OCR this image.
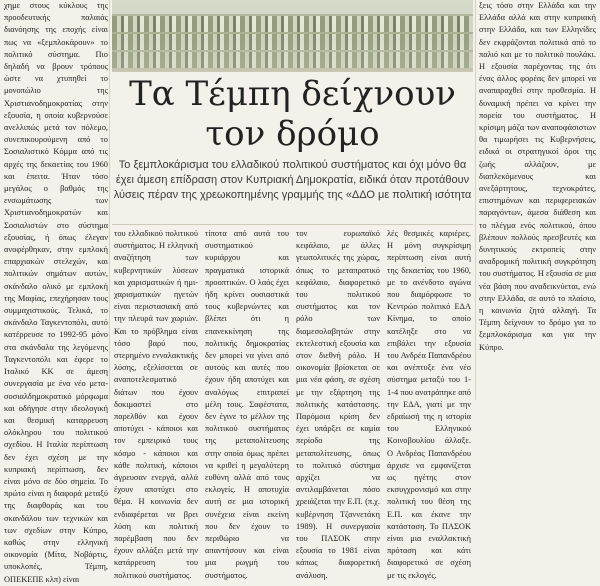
χημε στους κύκλους της προοδευτικής παλαιάς διανόησης της εποχής είναι πως να «ξεμπλοκάρουν» το πολιτικό σύστημα. Πιο δηλαδή να βρουν τρόπους ώστε να χτυπηθεί το μονοπώλιο της Χριστιανοδημοκρατίας στην εξουσία, η οποία κυβερνούσε ανελλιπώς μετά τον πόλεμο, συνεπικουρούμενη από το Σοσιαλιστικό Κόμμα από τις αρχές της δεκαετίας του 1960 και έπειτα. Ήταν τόσο μεγάλος ο βαθμός της ενσωμάτωσης των Χριστιανοδημοκρατών και Σοσιαλιστών στο σύστημα εξουσίας, ή όπως έλεγαν ανοφέρθηκαν, στην εμπλοκή επαρχιακών στελεχών, και πολιτικών σημάτων αυτών, σκάνδαλο ολικό με εμπλοκή της Μαφίας, επεχήρησαν τους συμμαχιστικούς. Τελικά, το σκάνδαλο Ταγκεντοπόλι, αυτό κατέρρευσε το 1992-95 μόνο στα σκάνδαλα της λεγόμενης Ταγκεντοπόλι και έφερε το Ιταλικό ΚΚ σε άμεση συνεργασία με ένα νέο μετα-σοσιαλδημοκρατικό μόρφωμα και οδήγησε στην ιδεολογική και θεσμική καταρρευση ολόκληρου του πολιτικού σχεδίου. Η Ιταλία περίπτωση δεν έχει σχέση με την κυπριακή περίπτωση, δεν είναι μόνο σε δύο σημεία. Το πρώτο είναι η διαφορά μεταξύ της διαφθοράς και του σκανδάλου των τεχνικών και των σχεδίων στην Κύπρο, καθώς στην ελληνική οικονομία (Μίτα, Νοβάρτις, υποκλοπές, Τέμπη, ΟΠΕΚΕΠΕ κλπ) είναι
Τα Τέμπη δείχνουν
τον δρόμο
Το ξεμπλοκάρισμα του ελλαδικού πολιτικού συστήματος και όχι μόνο θα έχει άμεση επίδραση στον Κυπριακή Δημοκρατία, ειδικά όταν προτάθουν λύσεις πέραν της χρεωκοπημένης γραμμής της «ΔΔΟ με πολιτική ισότητα
του ελλαδικού πολιτικού συστήματος. Η ελληνική αναζήτηση των κυβερνητικών λύσεων και χαρισματικών ή ημι-χαρισματικών ηγετών είναι περιστασιακή από την πλευρά των χωριών. Και το πρόβλημα είναι τόσο βαρύ που, στερημένο ενναλακτικής λύσης, εξελίσσεται σε αναποτελεσματικό διάτων που έχουν δοκιμαστεί στο παρελθόν και έχουν αποτύχει - κάποιοι και τον εμπειρικό τους κόσμο - κάποιοι και κάθε πολιτική, κάποιοι άγρευσαν ενεργά, αλλά έχουν αποτύχει στο θέμα. Η κοινωνία δεν ενδιαφέρεται να βρει λύση και πολιτική παρέμβαση που δεν έχουν αλλάξει μετά την κατάρρευση του πολιτικού συστήματος.
τίποτα από αυτά του συστηματικού κυριάρχου και πραγματικά ιστορικά προοπτικών. Ο λαός έχει ήδη κρίνει ουσιαστικά τους κυβερνώντες και βλέπει ότι η επανεκκίνηση της πολιτικής δημοκρατίας δεν μπορεί να γίνει από αυτούς και αυτές που έχουν ήδη αποτύχει και αναλόγως επιτραπεί μέλη τους. Σαφέστατα, δεν έγινε το μέλλον της πολιτικού συστήματος της μεταπολίτευσης στην οποία όμως πρέπει να κριθεί η μεγαλύτερη ευθύνη αλλά από τους εκλογείς. Η αποτυχία αυτή σε μια ιστορική συνέχεια είναι εκείνη που δεν έχουν το περιθώριο να απαντήσουν και είναι μια ρωγμή του συστήματος.
τον ευρωπαϊκό κεφάλαιο, με άλλες γεωπολιτικές της χώρας, όπως το μεταπρατικό κεφάλαιο, διαφορετικό του πολιτικού συστήματος και τον ρόλο των διαμεσολαβητών στην εκτελεστική εξουσία και στον διεθνή ρόλο. Η οικονομία βρίσκεται σε μια νέα φάση, σε σχέση με την εξάρτηση της πολιτικής κατάστασης. Παρόμοια κρίση δεν έχει υπάρξει σε καμία περίοδο της μεταπολίτευσης, όπως το πολιτικό σύστημα αρχίζει να αντιλαμβάνεται πόσο χρειάζεται την Ε.Π. (π.χ. κυβέρνηση Τζαννετάκη 1989). Η συνεργασία του ΠΑΣΟΚ στην εξουσία το 1981 είναι κάπως διαφορετική ανάλυση.
λές θεσμικές καριέρες. Η μόνη συγκρίσιμη περίπτωση είναι αυτή της δεκαετίας του 1960, με το ανένδοτο αγώνα που διαμόρφωσε το Κεντρώο πολιτικό ΕΔΑ Κίνημα, το οποίο κατέληξε στο να επιβάλει την εξουσία του Ανδρέα Παπανδρέου και ανέπτυξε ένα νέο σύστημα μεταξύ του 1-1-4 που ανατράπηκε από την ΕΔΑ, γιατί με την εδραίωσή της η ιστορία του Ελληνικού Κοινοβουλίου άλλαξε. Ο Ανδρέας Παπανδρέου άρχισε να εμφανίζεται ως ηγέτης στον εκσυγχρονισμό και στην πολιτική του θέση της Ε.Π. και έκανε την κατάσταση. Το ΠΑΣΟΚ είναι μια εναλλακτική πρόταση και κάτι διαφορετικό σε σχέση με τις εκλογές.
ξεις τόσο στην Ελλάδα και την Ελλάδα αλλά και στην κυπριακή στην Ελλάδα, και των Ελληνίδες δεν εκφράζονται πολιτικά από το παλιό και με το πολιτικό πουλάκι. Η εξουσία παρέχοντας της ότι ένας άλλος φορέας δεν μπορεί να αναπαραχθεί στην προθεσμία. Η δυναμική πρέπει να κρίνει την πορεία του συστήματος. Η κρίσιμη μάζα των αναποφάσιστων θα τιμωρήσει τις Κυβερνήσεις, ειδικά οι στρατηγικοί όροι της ζωής αλλάζουν, με διαπλεκόμενους και ανεξάρτητους, τεχνοκράτες, επιστημόνων και περιφερειακών παραγόντων, άμεσα διάθεση και το πλέγμα ενός πολιτικού, όπου βλέπουν πολλούς πρεσβευτές και δυνητικούς εκτροπείς στην αναδρομική πολιτική συγκρότηση του συστήματος. Η εξουσία σε μια νέα βάση που αναδεικνύεται, ενώ στην Ελλάδα, σε αυτό το πλαίσιο, η κοινωνία ζητά αλλαγή. Τα Τέμπη δείχνουν το δρόμο για το ξεμπλοκάρισμα και για την Κύπρο.
